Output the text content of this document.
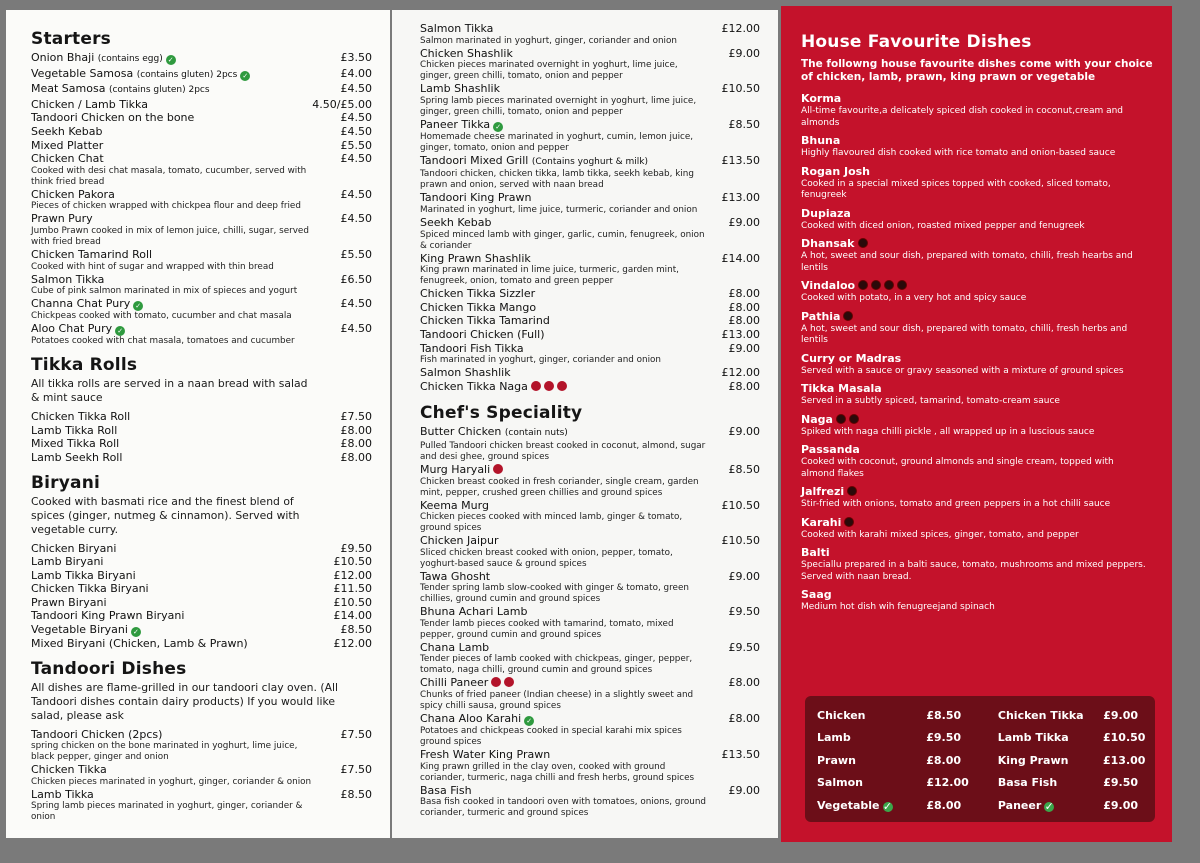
Starters
Onion Bhaji (contains egg) ✓	£3.50
Vegetable Samosa (contains gluten) 2pcs ✓	£4.00
Meat Samosa (contains gluten) 2pcs	£4.50
Chicken / Lamb Tikka	4.50/£5.00
Tandoori Chicken on the bone	£4.50
Seekh Kebab	£4.50
Mixed Platter	£5.50
Chicken Chat	£4.50
Cooked with desi chat masala, tomato, cucumber, served with think fried bread
Chicken Pakora	£4.50
Pieces of chicken wrapped with chickpea flour and deep fried
Prawn Pury	£4.50
Jumbo Prawn cooked in mix of lemon juice, chilli, sugar, served with fried bread
Chicken Tamarind Roll	£5.50
Cooked with hint of sugar and wrapped with thin bread
Salmon Tikka	£6.50
Cube of pink salmon marinated in mix of spieces and yogurt
Channa Chat Pury ✓	£4.50
Chickpeas cooked with tomato, cucumber and chat masala
Aloo Chat Pury ✓	£4.50
Potatoes cooked with chat masala, tomatoes and cucumber
Tikka Rolls
All tikka rolls are served in a naan bread with salad & mint sauce
Chicken Tikka Roll	£7.50
Lamb Tikka Roll	£8.00
Mixed Tikka Roll	£8.00
Lamb Seekh Roll	£8.00
Biryani
Cooked with basmati rice and the finest blend of spices (ginger, nutmeg & cinnamon). Served with vegetable curry.
Chicken Biryani	£9.50
Lamb Biryani	£10.50
Lamb Tikka Biryani	£12.00
Chicken Tikka Biryani	£11.50
Prawn Biryani	£10.50
Tandoori King Prawn Biryani	£14.00
Vegetable Biryani ✓	£8.50
Mixed Biryani (Chicken, Lamb & Prawn)	£12.00
Tandoori Dishes
All dishes are flame-grilled in our tandoori clay oven. (All Tandoori dishes contain dairy products) If you would like salad, please ask
Tandoori Chicken (2pcs)	£7.50
spring chicken on the bone marinated in yoghurt, lime juice, black pepper, ginger and onion
Chicken Tikka	£7.50
Chicken pieces marinated in yoghurt, ginger, coriander & onion
Lamb Tikka	£8.50
Spring lamb pieces marinated in yoghurt, ginger, coriander & onion
Salmon Tikka	£12.00
Salmon marinated in yoghurt, ginger, coriander and onion
Chicken Shashlik	£9.00
Chicken pieces marinated overnight in yoghurt, lime juice, ginger, green chilli, tomato, onion and pepper
Lamb Shashlik	£10.50
Spring lamb pieces marinated overnight in yoghurt, lime juice, ginger, green chilli, tomato, onion and pepper
Paneer Tikka ✓	£8.50
Homemade cheese marinated in yoghurt, cumin, lemon juice, ginger, tomato, onion and pepper
Tandoori Mixed Grill (Contains yoghurt & milk)	£13.50
Tandoori chicken, chicken tikka, lamb tikka, seekh kebab, king prawn and onion, served with naan bread
Tandoori King Prawn	£13.00
Marinated in yoghurt, lime juice, turmeric, coriander and onion
Seekh Kebab	£9.00
Spiced minced lamb with ginger, garlic, cumin, fenugreek, onion & coriander
King Prawn Shashlik	£14.00
King prawn marinated in lime juice, turmeric, garden mint, fenugreek, onion, tomato and green pepper
Chicken Tikka Sizzler	£8.00
Chicken Tikka Mango	£8.00
Chicken Tikka Tamarind	£8.00
Tandoori Chicken (Full)	£13.00
Tandoori Fish Tikka	£9.00
Fish marinated in yoghurt, ginger, coriander and onion
Salmon Shashlik	£12.00
Chicken Tikka Naga	£8.00
Chef's Speciality
Butter Chicken (contain nuts)	£9.00
Pulled Tandoori chicken breast cooked in coconut, almond, sugar and desi ghee, ground spices
Murg Haryali	£8.50
Chicken breast cooked in fresh coriander, single cream, garden mint, pepper, crushed green chillies and ground spices
Keema Murg	£10.50
Chicken pieces cooked with minced lamb, ginger & tomato, ground spices
Chicken Jaipur	£10.50
Sliced chicken breast cooked with onion, pepper, tomato, yoghurt-based sauce & ground spices
Tawa Ghosht	£9.00
Tender spring lamb slow-cooked with ginger & tomato, green chillies, ground cumin and ground spices
Bhuna Achari Lamb	£9.50
Tender lamb pieces cooked with tamarind, tomato, mixed pepper, ground cumin and ground spices
Chana Lamb	£9.50
Tender pieces of lamb cooked with chickpeas, ginger, pepper, tomato, naga chilli, ground cumin and ground spices
Chilli Paneer	£8.00
Chunks of fried paneer (Indian cheese) in a slightly sweet and spicy chilli sausa, ground spices
Chana Aloo Karahi ✓	£8.00
Potatoes and chickpeas cooked in special karahi mix spices ground spices
Fresh Water King Prawn	£13.50
King prawn grilled in the clay oven, cooked with ground coriander, turmeric, naga chilli and fresh herbs, ground spices
Basa Fish	£9.00
Basa fish cooked in tandoori oven with tomatoes, onions, ground coriander, turmeric and ground spices
House Favourite Dishes
The followng house favourite dishes come with your choice of chicken, lamb, prawn, king prawn or vegetable
Korma
All-time favourite,a delicately spiced dish cooked in coconut,cream and almonds
Bhuna
Highly flavoured dish cooked with rice tomato and onion-based sauce
Rogan Josh
Cooked in a special mixed spices topped with cooked, sliced tomato, fenugreek
Dupiaza
Cooked with diced onion, roasted mixed pepper and fenugreek
Dhansak
A hot, sweet and sour dish, prepared with tomato, chilli, fresh hearbs and lentils
Vindaloo
Cooked with potato, in a very hot and spicy sauce
Pathia
A hot, sweet and sour dish, prepared with tomato, chilli, fresh herbs and lentils
Curry or Madras
Served with a sauce or gravy seasoned with a mixture of ground spices
Tikka Masala
Served in a subtly spiced, tamarind, tomato-cream sauce
Naga
Spiked with naga chilli pickle , all wrapped up in a luscious sauce
Passanda
Cooked with coconut, ground almonds and single cream, topped with almond flakes
Jalfrezi
Stir-fried with onions, tomato and green peppers in a hot chilli sauce
Karahi
Cooked with karahi mixed spices, ginger, tomato, and pepper
Balti
Speciallu prepared in a balti sauce, tomato, mushrooms and mixed peppers. Served with naan bread.
Saag
Medium hot dish wih fenugreejand spinach
Chicken	£8.50	Chicken Tikka	£9.00
Lamb	£9.50	Lamb Tikka	£10.50
Prawn	£8.00	King Prawn	£13.00
Salmon	£12.00	Basa Fish	£9.50
Vegetable ✓	£8.00	Paneer ✓	£9.00
